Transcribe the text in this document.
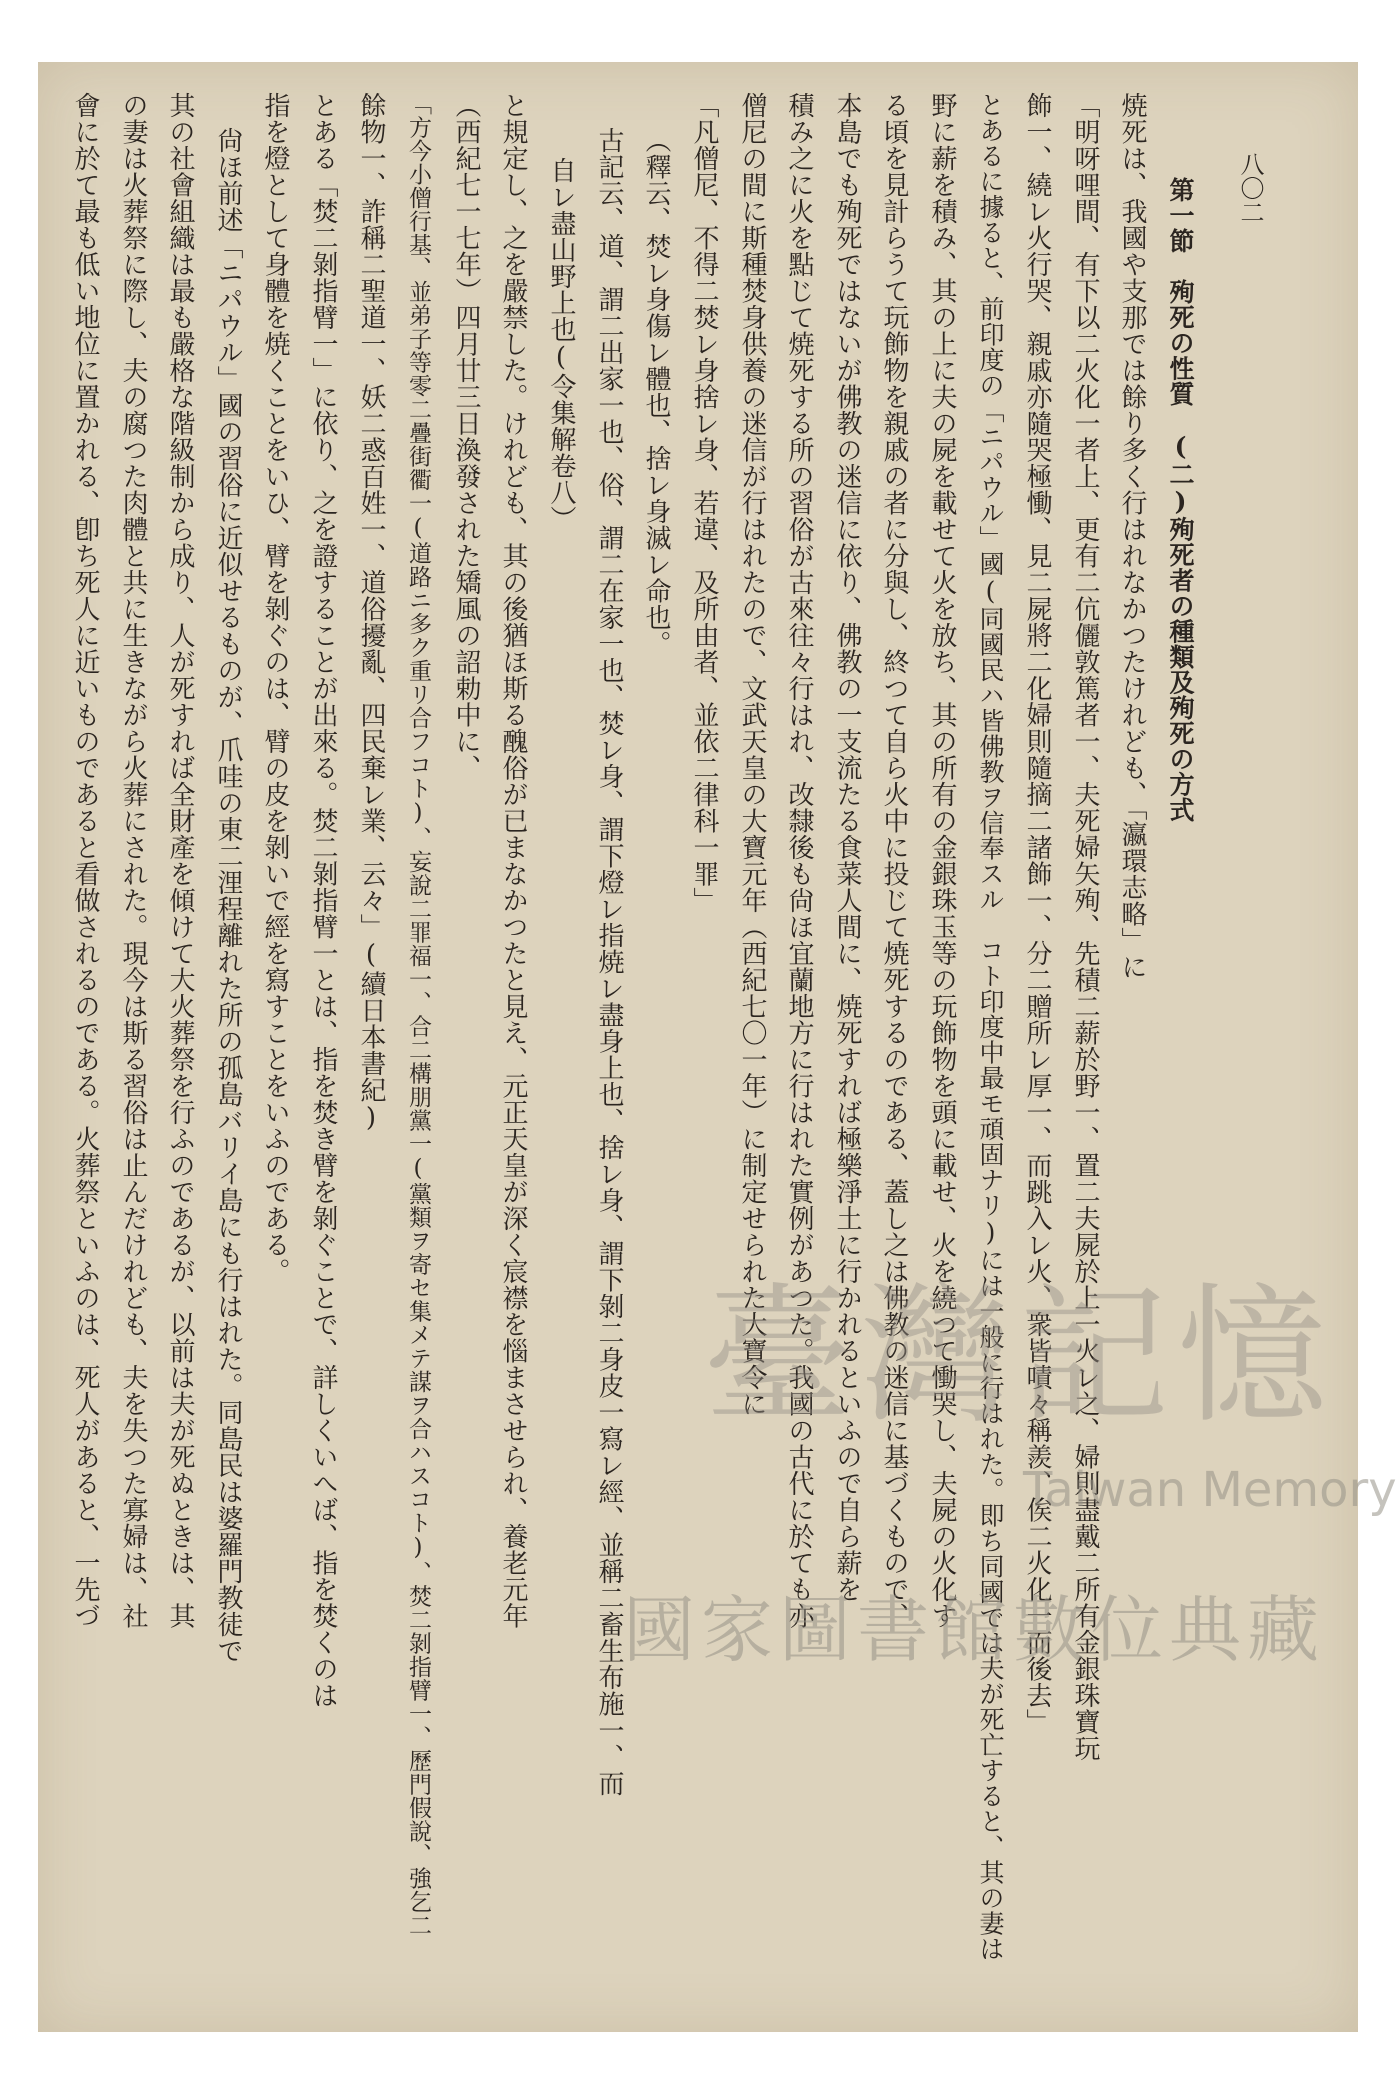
八〇二
第一節　殉死の性質　(二)殉死者の種類及殉死の方式
焼死は、我國や支那では餘り多く行はれなかつたけれども、「瀛環志略」に
「明呀哩間、有下以二火化一者上、更有二伉儷敦篤者一、夫死婦矢殉、先積二薪於野一、置二夫屍於上一火レ之、婦則盡戴二所有金銀珠寶玩
飾一、繞レ火行哭、親戚亦隨哭極慟、見二屍將二化婦則隨摘二諸飾一、分二贈所レ厚一、而跳入レ火、衆皆嘖々稱羨、俟二火化一而後去」
とあるに據ると、前印度の「ニパウル」國(同國民ハ皆佛教ヲ信奉スル　コト印度中最モ頑固ナリ)には一般に行はれた。即ち同國では夫が死亡すると、其の妻は
野に薪を積み、其の上に夫の屍を載せて火を放ち、其の所有の金銀珠玉等の玩飾物を頭に載せ、火を繞つて慟哭し、夫屍の火化す
る頃を見計らうて玩飾物を親戚の者に分與し、終つて自ら火中に投じて焼死するのである、蓋し之は佛教の迷信に基づくもので、
本島でも殉死ではないが佛教の迷信に依り、佛教の一支流たる食菜人間に、焼死すれば極樂淨土に行かれるといふので自ら薪を
積み之に火を點じて焼死する所の習俗が古來往々行はれ、改隸後も尙ほ宜蘭地方に行はれた實例があつた。我國の古代に於ても亦
僧尼の間に斯種焚身供養の迷信が行はれたので、文武天皇の大寶元年（西紀七〇一年）に制定せられた大寶令に
「凡僧尼、不得二焚レ身捨レ身、若違、及所由者、並依二律科一罪」
（釋云、焚レ身傷レ體也、捨レ身滅レ命也。
古記云、道、謂二出家一也、俗、謂二在家一也、焚レ身、謂下燈レ指焼レ盡身上也、捨レ身、謂下剝二身皮一寫レ經、並稱二畜生布施一、而
自レ盡山野上也(令集解卷八）
と規定し、之を嚴禁した。けれども、其の後猶ほ斯る醜俗が已まなかつたと見え、元正天皇が深く宸襟を惱まさせられ、養老元年
（西紀七一七年）四月廿三日渙發された矯風の詔勅中に、
「方今小僧行基、並弟子等零二疊街衢一(道路ニ多ク重リ合フコト)、妄說二罪福一、合二構朋黨一(黨類ヲ寄セ集メテ謀ヲ合ハスコト)、焚二剝指臂一、歷門假說、強乞二
餘物一、詐稱二聖道一、妖二惑百姓一、道俗擾亂、四民棄レ業、云々」(續日本書紀)
とある「焚二剝指臂一」に依り、之を證することが出來る。焚二剝指臂一とは、指を焚き臂を剝ぐことで、詳しくいへば、指を焚くのは
指を燈として身體を焼くことをいひ、臂を剝ぐのは、臂の皮を剝いで經を寫すことをいふのである。
尙ほ前述「ニパウル」國の習俗に近似せるものが、爪哇の東二浬程離れた所の孤島バリイ島にも行はれた。同島民は婆羅門教徒で
其の社會組織は最も嚴格な階級制から成り、人が死すれば全財產を傾けて大火葬祭を行ふのであるが、以前は夫が死ぬときは、其
の妻は火葬祭に際し、夫の腐つた肉體と共に生きながら火葬にされた。現今は斯る習俗は止んだけれども、夫を失つた寡婦は、社
會に於て最も低い地位に置かれる、卽ち死人に近いものであると看做されるのである。火葬祭といふのは、死人があると、一先づ	臺灣記憶
Taiwan Memory
國家圖書館數位典藏
